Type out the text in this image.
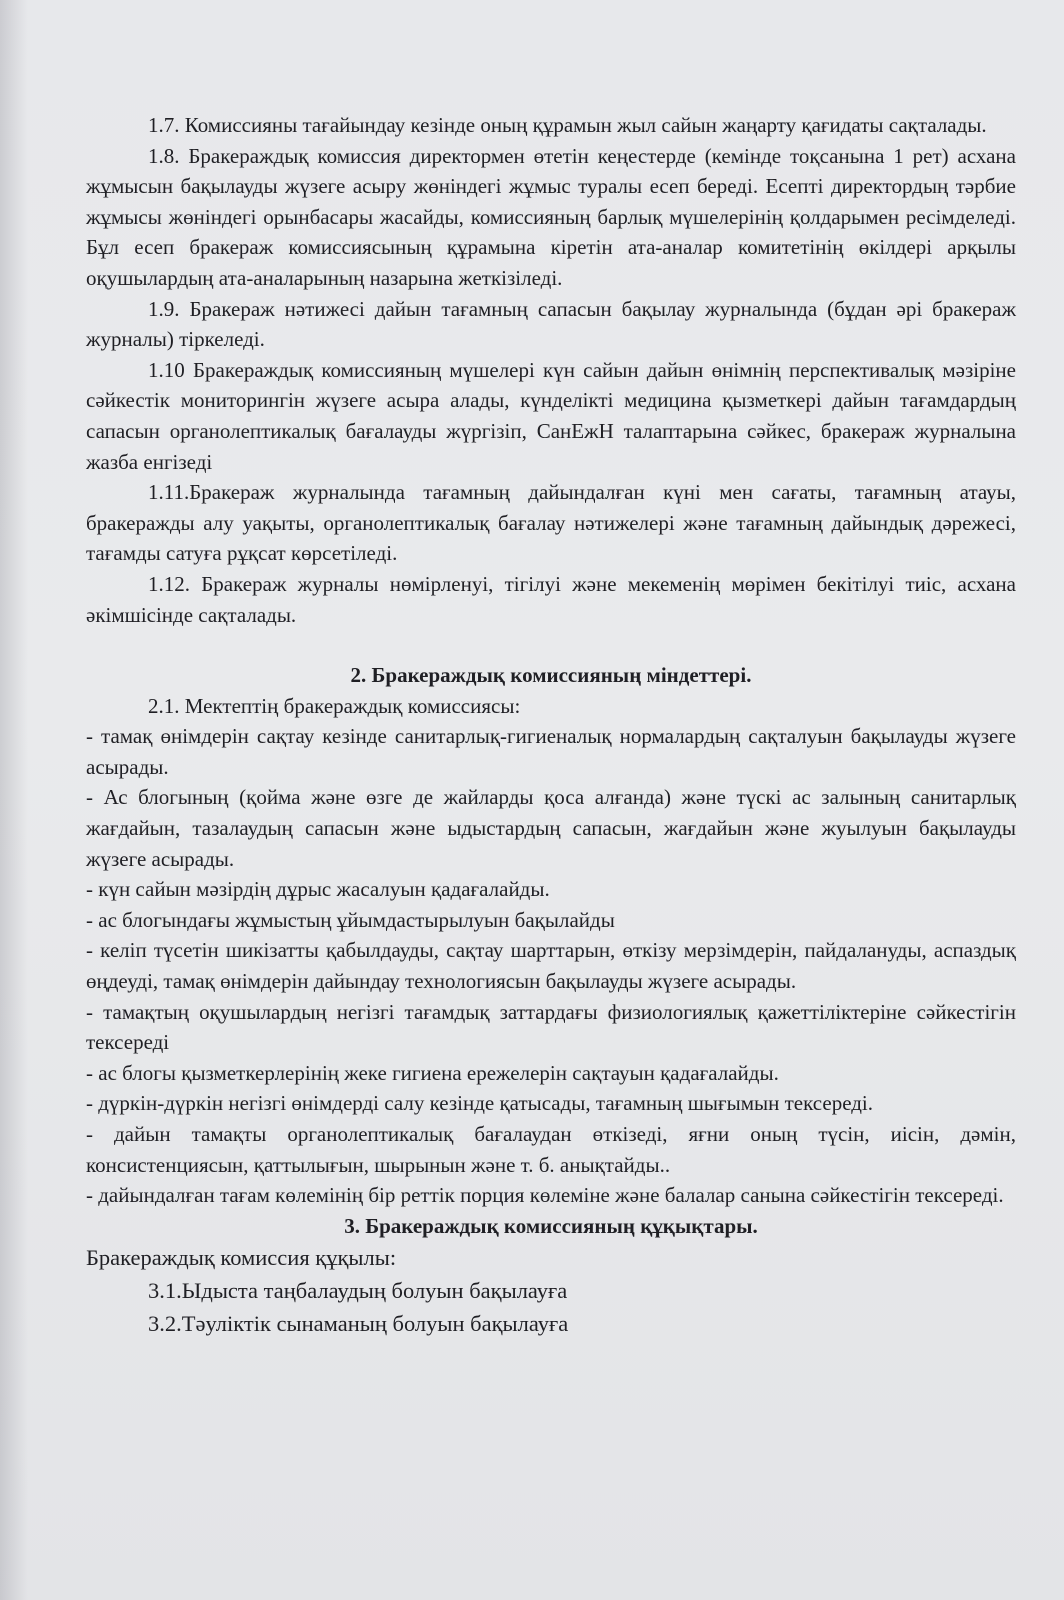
1.7. Комиссияны тағайындау кезінде оның құрамын жыл сайын жаңарту қағидаты сақталады.

1.8. Бракераждық комиссия директормен өтетін кеңестерде (кемінде тоқсанына 1 рет) асхана жұмысын бақылауды жүзеге асыру жөніндегі жұмыс туралы есеп береді. Есепті директордың тәрбие жұмысы жөніндегі орынбасары жасайды, комиссияның барлық мүшелерінің қолдарымен ресімделеді. Бұл есеп бракераж комиссиясының құрамына кіретін ата-аналар комитетінің өкілдері арқылы оқушылардың ата-аналарының назарына жеткізіледі.

1.9. Бракераж нәтижесі дайын тағамның сапасын бақылау журналында (бұдан әрі бракераж журналы) тіркеледі.

1.10 Бракераждық комиссияның мүшелері күн сайын дайын өнімнің перспективалық мәзіріне сәйкестік мониторингін жүзеге асыра алады, күнделікті медицина қызметкері дайын тағамдардың сапасын органолептикалық бағалауды жүргізіп, СанЕжН талаптарына сәйкес, бракераж журналына жазба енгізеді

1.11.Бракераж журналында тағамның дайындалған күні мен сағаты, тағамның атауы, бракеражды алу уақыты, органолептикалық бағалау нәтижелері және тағамның дайындық дәрежесі, тағамды сатуға рұқсат көрсетіледі.

1.12. Бракераж журналы нөмірленуі, тігілуі және мекеменің мөрімен бекітілуі тиіс, асхана әкімшісінде сақталады.

2. Бракераждық комиссияның міндеттері.

2.1. Мектептің бракераждық комиссиясы:

- тамақ өнімдерін сақтау кезінде санитарлық-гигиеналық нормалардың сақталуын бақылауды жүзеге асырады.

- Ас блогының (қойма және өзге де жайларды қоса алғанда) және түскі ас залының санитарлық жағдайын, тазалаудың сапасын және ыдыстардың сапасын, жағдайын және жуылуын бақылауды жүзеге асырады.

- күн сайын мәзірдің дұрыс жасалуын қадағалайды.

- ас блогындағы жұмыстың ұйымдастырылуын бақылайды

- келіп түсетін шикізатты қабылдауды, сақтау шарттарын, өткізу мерзімдерін, пайдалануды, аспаздық өңдеуді, тамақ өнімдерін дайындау технологиясын бақылауды жүзеге асырады.

- тамақтың оқушылардың негізгі тағамдық заттардағы физиологиялық қажеттіліктеріне сәйкестігін тексереді

- ас блогы қызметкерлерінің жеке гигиена ережелерін сақтауын қадағалайды.

- дүркін-дүркін негізгі өнімдерді салу кезінде қатысады, тағамның шығымын тексереді.

- дайын тамақты органолептикалық бағалаудан өткізеді, яғни оның түсін, иісін, дәмін, консистенциясын, қаттылығын, шырынын және т. б. анықтайды..

- дайындалған тағам көлемінің бір реттік порция көлеміне және балалар санына сәйкестігін тексереді.

3. Бракераждық комиссияның құқықтары.

Бракераждық комиссия құқылы:

3.1.Ыдыста таңбалаудың болуын бақылауға

3.2.Тәуліктік сынаманың болуын бақылауға
